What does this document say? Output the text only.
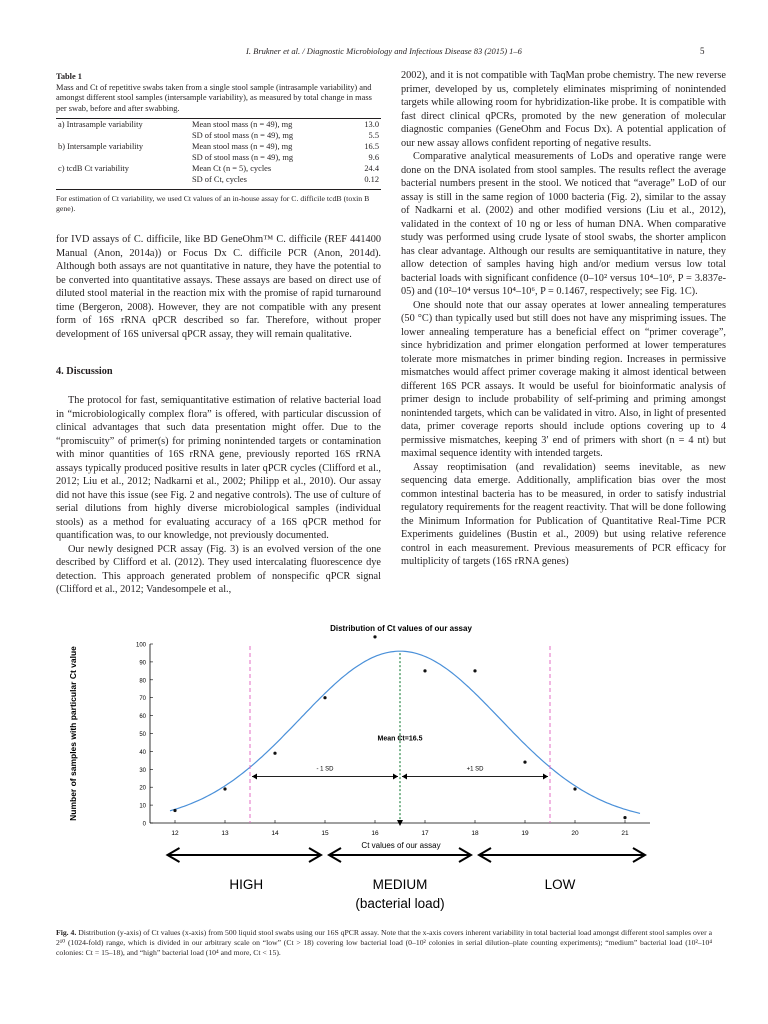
I. Brukner et al. / Diagnostic Microbiology and Infectious Disease 83 (2015) 1–6	5
Table 1
Mass and Ct of repetitive swabs taken from a single stool sample (intrasample variability) and amongst different stool samples (intersample variability), as measured by total change in mass per swab, before and after swabbing.
a) Intrasample variability	Mean stool mass (n = 49), mg	13.0
	SD of stool mass (n = 49), mg	5.5
b) Intersample variability	Mean stool mass (n = 49), mg	16.5
	SD of stool mass (n = 49), mg	9.6
c) tcdB Ct variability	Mean Ct (n = 5), cycles	24.4
	SD of Ct, cycles	0.12
For estimation of Ct variability, we used Ct values of an in-house assay for C. difficile tcdB (toxin B gene).

for IVD assays of C. difficile, like BD GeneOhm™ C. difficile (REF 441400 Manual (Anon, 2014a)) or Focus Dx C. difficile PCR (Anon, 2014d). Although both assays are not quantitative in nature, they have the potential to be converted into quantitative assays. These assays are based on direct use of diluted stool material in the reaction mix with the promise of rapid turnaround time (Bergeron, 2008). However, they are not compatible with any present form of 16S rRNA qPCR described so far. Therefore, without proper development of 16S universal qPCR assay, they will remain qualitative.

4. Discussion

The protocol for fast, semiquantitative estimation of relative bacterial load in “microbiologically complex flora” is offered, with particular discussion of clinical advantages that such data presentation might offer. Due to the “promiscuity” of primer(s) for priming nonintended targets or contamination with minor quantities of 16S rRNA gene, previously reported 16S rRNA assays typically produced positive results in later qPCR cycles (Clifford et al., 2012; Liu et al., 2012; Nadkarni et al., 2002; Philipp et al., 2010). Our assay did not have this issue (see Fig. 2 and negative controls). The use of culture of serial dilutions from highly diverse microbiological samples (individual stools) as a method for evaluating accuracy of a 16S qPCR method for quantification was, to our knowledge, not previously documented.

Our newly designed PCR assay (Fig. 3) is an evolved version of the one described by Clifford et al. (2012). They used intercalating fluorescence dye detection. This approach generated problem of nonspecific qPCR signal (Clifford et al., 2012; Vandesompele et al.,

2002), and it is not compatible with TaqMan probe chemistry. The new reverse primer, developed by us, completely eliminates mispriming of nonintended targets while allowing room for hybridization-like probe. It is compatible with fast direct clinical qPCRs, promoted by the new generation of molecular diagnostic companies (GeneOhm and Focus Dx). A potential application of our new assay allows confident reporting of negative results.

Comparative analytical measurements of LoDs and operative range were done on the DNA isolated from stool samples. The results reflect the average bacterial numbers present in the stool. We noticed that “average” LoD of our assay is still in the same region of 1000 bacteria (Fig. 2), similar to the assay of Nadkarni et al. (2002) and other modified versions (Liu et al., 2012), validated in the context of 10 ng or less of human DNA. When comparative study was performed using crude lysate of stool swabs, the shorter amplicon has clear advantage. Although our results are semiquantitative in nature, they allow detection of samples having high and/or medium versus low total bacterial loads with significant confidence (0–10² versus 10⁴–10⁶, P = 3.837e-05) and (10²–10⁴ versus 10⁴–10⁶, P = 0.1467, respectively; see Fig. 1C).

One should note that our assay operates at lower annealing temperatures (50 °C) than typically used but still does not have any mispriming issues. The lower annealing temperature has a beneficial effect on “primer coverage”, since hybridization and primer elongation performed at lower temperatures tolerate more mismatches in primer binding region. Increases in permissive mismatches would affect primer coverage making it almost identical between different 16S PCR assays. It would be useful for bioinformatic analysis of primer design to include probability of self-priming and priming amongst nonintended targets, which can be validated in vitro. Also, in light of presented data, primer coverage reports should include options covering up to 4 permissive mismatches, keeping 3′ end of primers with short (n = 4 nt) but maximal sequence identity with intended targets.

Assay reoptimisation (and revalidation) seems inevitable, as new sequencing data emerge. Additionally, amplification bias over the most common intestinal bacteria has to be measured, in order to satisfy industrial regulatory requirements for the reagent reactivity. That will be done following the Minimum Information for Publication of Quantitative Real-Time PCR Experiments guidelines (Bustin et al., 2009) but using relative reference control in each measurement. Previous measurements of PCR efficacy for multiplicity of targets (16S rRNA genes)

Distribution of Ct values of our assay
Number of samples with particular Ct value
Ct values of our assay
0
10
20
30
40
50
60
70
80
90
100
12	13	14	15	16	17	18	19	20	21
Mean Ct=16.5
- 1 SD	+1 SD
HIGH	MEDIUM	LOW
(bacterial load)
Fig. 4. Distribution (y-axis) of Ct values (x-axis) from 500 liquid stool swabs using our 16S qPCR assay. Note that the x-axis covers inherent variability in total bacterial load amongst different stool samples over a 2¹⁰ (1024-fold) range, which is divided in our arbitrary scale on “low” (Ct > 18) covering low bacterial load (0–10² colonies in serial dilution–plate counting experiments); “medium” bacterial load (10²–10⁴ colonies: Ct = 15–18), and “high” bacterial load (10⁴ and more, Ct < 15).
